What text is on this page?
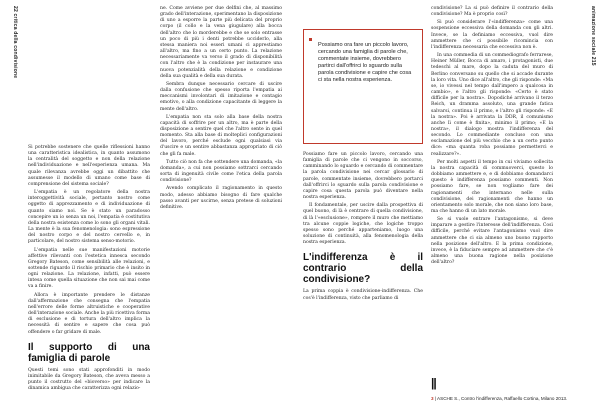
22 critica della condivisione	animazione sociale 215

Si potrebbe sostenere che quelle riflessioni hanno una caratteristica idealistica, in quanto assumono la centralità del soggetto e non della relazione nell'individuazione e nell'esperienza umana. Ma quale rilevanza avrebbe oggi un dibattito che assumesse il modello di umano come base di comprensione del sistema sociale?

L'empatia è un regolatore della nostra interoggettività sociale, pertanto nostro come oggetto di apprezzamento e di individuazione di quanto siamo noi. Se è stato un paradosso concepire un io senza un noi, l'empatia è costitutiva della nostra esistenza come lo sono gli organi vitali. La mente è la sua fenomenologia: sono espressione del nostro corpo e del nostro cervello e, in particolare, del nostro sistema senso-motorio.

L'empatia nelle sue manifestazioni motorie affettive rilevanti con l'estetica innesca secondo Gregory Bateson, come sensibilità alle relazioni, e sottende riguardo il rischio primario che è insito in ogni relazione. La relazione, infatti, può essere intesa come quella situazione che non sai mai come va a finire.

Allora è importante prendere le distanze dall'affermazione che consegna che l'empatia nell'errore delle forme altruistiche e cooperative dell'interazione sociale. Anche la più ricettiva forma di esclusione e di tortura dell'altro implica la necessità di sentire e sapere che cosa può offendere o far gridare di male.

Il supporto di una famiglia di parole

Questi temi sono stati approfonditi in modo inimitabile da Gregory Bateson, che aveva messo a punto il costrutto del «bioverso» per indicare la dinamica ambigua che caratterizza ogni relazio-

ne. Come avviene per due delfini che, al massimo grado dell'interazione, sperimentano la disposizione di uno a esporre la parte più delicata del proprio corpo (il collo e la vena giugulare) alla bocca dell'altro che lo morderebbe e che se solo entrasse un poco di più i denti potrebbe ucciderlo, alla stessa maniera noi esseri umani ci apprestiamo all'altro, ma fino a un certo punto. La relazione necessariamente va verso il grado di disponibilità con l'altro che è la condizione per instaurare una nuova potenzialità della relazione e condizione della sua qualità e della sua durata.

Sembra dunque necessario cercare di uscire dalla confusione che spesso riporta l'empatia ai meccanismi involontari di imitazione e contagio emotivo, o alla condizione capacitante di leggere la mente dell'altro.

L'empatia non sta solo alla base della nostra capacità di soffrire per un altro, ma è parte della disposizione a sentire quel che l'altro sente in quel momento. Sta alla base di molteplici configurazioni del lavoro, perché esclude ogni qualsiasi via d'uscire e un sentire abbastanza appropriato di ciò che gli fa male.

Tutto ciò non fa che sottendere una domanda, «la domanda», a cui non possiamo sottrarci cercando sorta di ingenuità civile come l'etica della parola condivisione?

Avendo complicato il ragionamento in questo modo, adesso abbiamo bisogno di fare qualche passo avanti per uscirne, senza pretese di soluzioni definitive.

Possiamo ora fare un piccolo lavoro, cercando una famiglia di parole che, commentate insieme, dovrebbero partirci dall'offrirci lo sguardo sulla parola condivisione e capire che cosa ci sta nella nostra esperienza.

Possiamo fare un piccolo lavoro, cercando una famiglia di parole che ci vengono in soccorso, camminando lo sguardo e cercando di commentare la parola condivisione nei cercar glossario di parole, commentate insieme, dovrebbero portarci dall'offrirci lo sguardo sulla parola condivisione e capire cosa questa parola può diventare nella nostra esperienza.

Il fondamentale, per uscire dalla prospettiva di quel buono, di là è centrare di quella condivisione, di là l'«esclusione», rompere il muro che mettiamo tra alcune coppie logiche, che logiche troppo spesso sono perché apparteniamo, luogo una soluzione di continuità, alla fenomenologia della nostra esperienza.

L'indifferenza è il contrario della condivisione?

La prima coppia è condivisione-indifferenza. Che cos'è l'indifferenza, visto che parliamo di

condivisione? La si può definire il contrario della condivisione? Ma è proprio così?

Si può considerare l'«indifferenza» come una sospensione eccessiva della domanda con gli altri. Invece, se la definiamo eccessiva, vuol dire ammettere che ci possibile ricomincia con l'indifferenza necessaria che eccessiva non è.

In una commedia di un commediografo ferrarese, Heiner Müller, Bocca di amaro, i protagonisti, due tedeschi al mare, dopo la caduta del muro di Berlino conversano su quello che si accade durante la loro vita. Uno dice all'altro, che gli risponde: «Ma se, io vivessi nel tempo dall'impero a qualcosa in cambio», e l'altro gli risponde: «Certo è stato difficile per la nostra». Dopodiché arrivano il terzo Reich, un dramma assoluto, una grande fatica salvarsi, continua il primo, e l'altro gli risponde: «E la nostra». Poi è arrivata la DDR, il comunismo anche lì come è finita», minimo il primo; «E la nostra», il dialogo mostra l'indifferenza del secondo. Lo commediante concluso con una esclamazione del più vecchio che a un certo punto dice: «ma quanta roba possiamo permetterci e realizzare?».

Per molti aspetti il tempo in cui viviamo sollecita la nostra capacità di commuoverci, questo lo dobbiamo ammettere e, e di dobbiamo domandarci questo è indifferenza possiamo commenti. Non possiamo fare, se non vogliamo fare dei ragionamenti che internano nelle sulla condivisione, dei ragionamenti che hanno un orientamento solo morale, che non siano loro base, ma che hanno di un lato morale.

Se si vuole entrare l'antagonismo, si deve imparare a gestire l'interesse dell'indifferenza. Così difficile, perché evitare l'antagonismo vuol dire ammettere che ci sia almeno uno buono rapporto nella posizione dell'altro. E la prima condizione, invece, è la fiduciare sempre ad ammettere che c'è almeno una buona ragione nella posizione dell'altro?

||
3 | ASCHE S., Contro l'indifferenza, Raffaello Cortina, Milano 2013.
